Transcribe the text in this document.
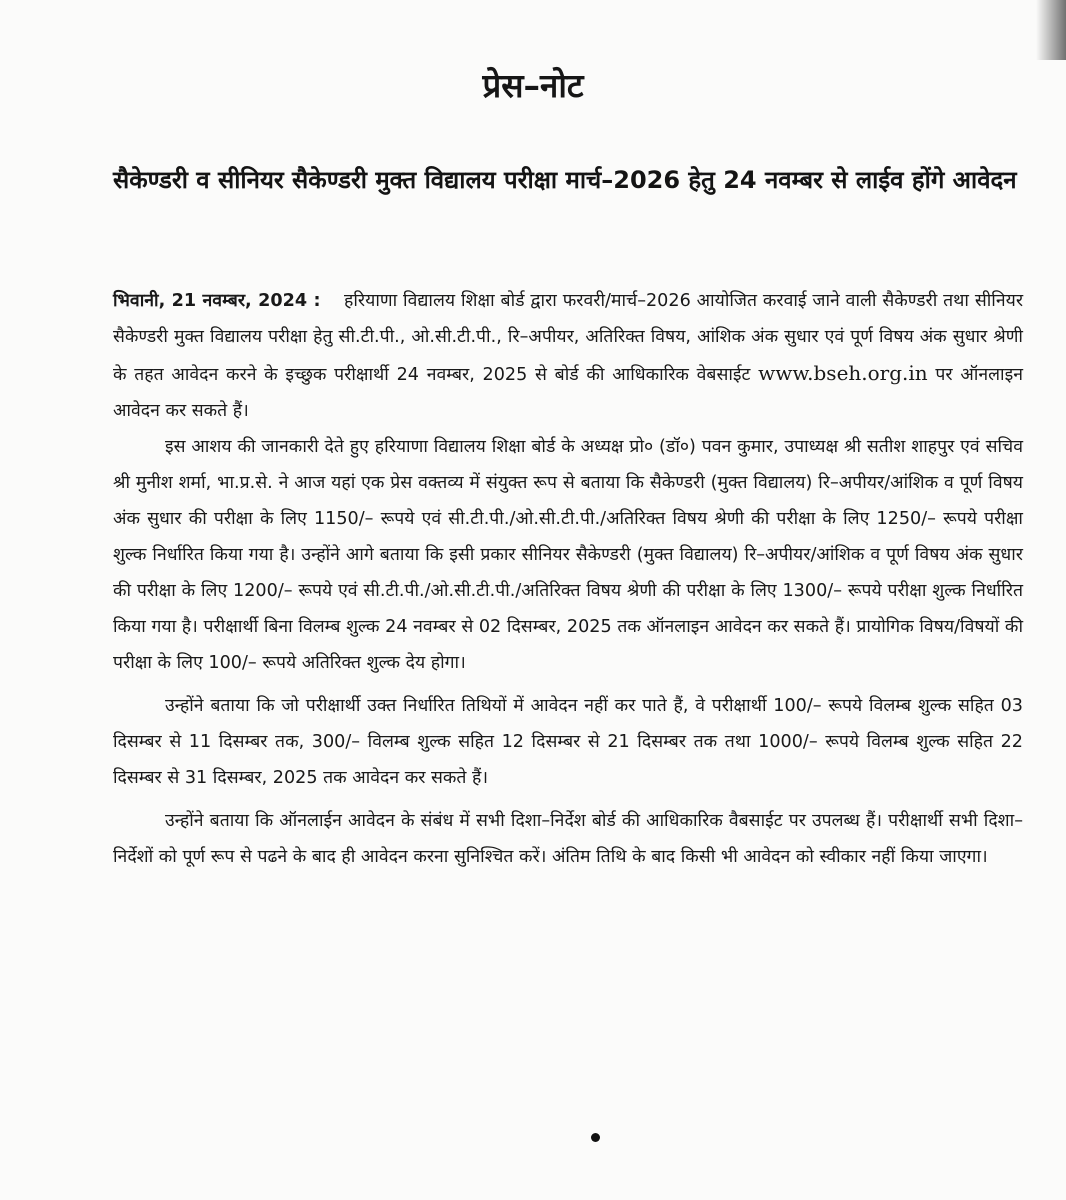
प्रेस–नोट
सैकेण्डरी व सीनियर सैकेण्डरी मुक्त विद्यालय परीक्षा मार्च–2026 हेतु 24 नवम्बर से लाईव होंगे आवेदन

भिवानी, 21 नवम्बर, 2024 : हरियाणा विद्यालय शिक्षा बोर्ड द्वारा फरवरी/मार्च–2026 आयोजित करवाई जाने वाली सैकेण्डरी तथा सीनियर सैकेण्डरी मुक्त विद्यालय परीक्षा हेतु सी.टी.पी., ओ.सी.टी.पी., रि–अपीयर, अतिरिक्त विषय, आंशिक अंक सुधार एवं पूर्ण विषय अंक सुधार श्रेणी के तहत आवेदन करने के इच्छुक परीक्षार्थी 24 नवम्बर, 2025 से बोर्ड की आधिकारिक वेबसाईट www.bseh.org.in पर ऑनलाइन आवेदन कर सकते हैं।

इस आशय की जानकारी देते हुए हरियाणा विद्यालय शिक्षा बोर्ड के अध्यक्ष प्रो० (डॉ०) पवन कुमार, उपाध्यक्ष श्री सतीश शाहपुर एवं सचिव श्री मुनीश शर्मा, भा.प्र.से. ने आज यहां एक प्रेस वक्तव्य में संयुक्त रूप से बताया कि सैकेण्डरी (मुक्त विद्यालय) रि–अपीयर/आंशिक व पूर्ण विषय अंक सुधार की परीक्षा के लिए 1150/– रूपये एवं सी.टी.पी./ओ.सी.टी.पी./अतिरिक्त विषय श्रेणी की परीक्षा के लिए 1250/– रूपये परीक्षा शुल्क निर्धारित किया गया है। उन्होंने आगे बताया कि इसी प्रकार सीनियर सैकेण्डरी (मुक्त विद्यालय) रि–अपीयर/आंशिक व पूर्ण विषय अंक सुधार की परीक्षा के लिए 1200/– रूपये एवं सी.टी.पी./ओ.सी.टी.पी./अतिरिक्त विषय श्रेणी की परीक्षा के लिए 1300/– रूपये परीक्षा शुल्क निर्धारित किया गया है। परीक्षार्थी बिना विलम्ब शुल्क 24 नवम्बर से 02 दिसम्बर, 2025 तक ऑनलाइन आवेदन कर सकते हैं। प्रायोगिक विषय/विषयों की परीक्षा के लिए 100/– रूपये अतिरिक्त शुल्क देय होगा।

उन्होंने बताया कि जो परीक्षार्थी उक्त निर्धारित तिथियों में आवेदन नहीं कर पाते हैं, वे परीक्षार्थी 100/– रूपये विलम्ब शुल्क सहित 03 दिसम्बर से 11 दिसम्बर तक, 300/– विलम्ब शुल्क सहित 12 दिसम्बर से 21 दिसम्बर तक तथा 1000/– रूपये विलम्ब शुल्क सहित 22 दिसम्बर से 31 दिसम्बर, 2025 तक आवेदन कर सकते हैं।

उन्होंने बताया कि ऑनलाईन आवेदन के संबंध में सभी दिशा–निर्देश बोर्ड की आधिकारिक वैबसाईट पर उपलब्ध हैं। परीक्षार्थी सभी दिशा–निर्देशों को पूर्ण रूप से पढने के बाद ही आवेदन करना सुनिश्चित करें। अंतिम तिथि के बाद किसी भी आवेदन को स्वीकार नहीं किया जाएगा।
